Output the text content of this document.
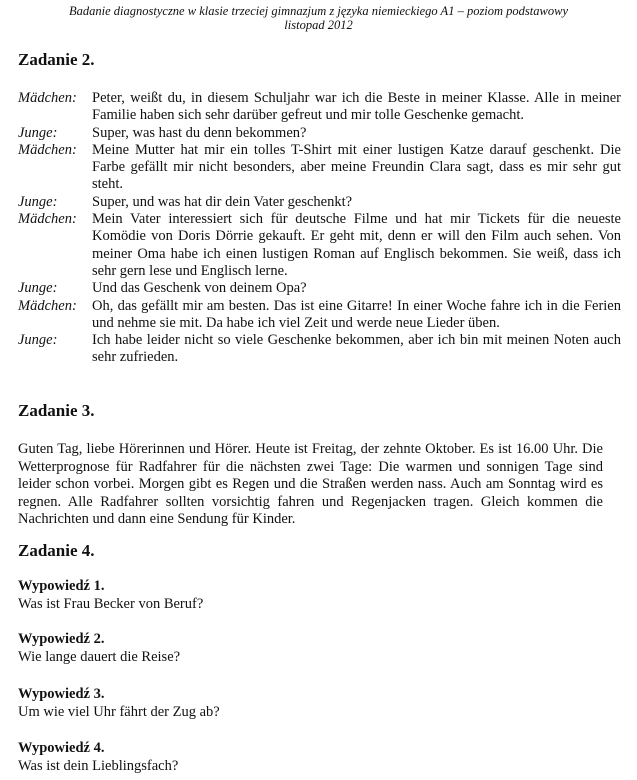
Badanie diagnostyczne w klasie trzeciej gimnazjum z języka niemieckiego A1 – poziom podstawowy
listopad 2012
Zadanie 2.
Mädchen:	Peter, weißt du, in diesem Schuljahr war ich die Beste in meiner Klasse. Alle in meiner Familie haben sich sehr darüber gefreut und mir tolle Geschenke gemacht.
Junge:	Super, was hast du denn bekommen?
Mädchen:	Meine Mutter hat mir ein tolles T-Shirt mit einer lustigen Katze darauf geschenkt. Die Farbe gefällt mir nicht besonders, aber meine Freundin Clara sagt, dass es mir sehr gut steht.
Junge:	Super, und was hat dir dein Vater geschenkt?
Mädchen:	Mein Vater interessiert sich für deutsche Filme und hat mir Tickets für die neueste Komödie von Doris Dörrie gekauft. Er geht mit, denn er will den Film auch sehen. Von meiner Oma habe ich einen lustigen Roman auf Englisch bekommen. Sie weiß, dass ich sehr gern lese und Englisch lerne.
Junge:	Und das Geschenk von deinem Opa?
Mädchen:	Oh, das gefällt mir am besten. Das ist eine Gitarre! In einer Woche fahre ich in die Ferien und nehme sie mit. Da habe ich viel Zeit und werde neue Lieder üben.
Junge:	Ich habe leider nicht so viele Geschenke bekommen, aber ich bin mit meinen Noten auch sehr zufrieden.
Zadanie 3.
Guten Tag, liebe Hörerinnen und Hörer. Heute ist Freitag, der zehnte Oktober. Es ist 16.00 Uhr. Die Wetterprognose für Radfahrer für die nächsten zwei Tage: Die warmen und sonnigen Tage sind leider schon vorbei. Morgen gibt es Regen und die Straßen werden nass. Auch am Sonntag wird es regnen. Alle Radfahrer sollten vorsichtig fahren und Regenjacken tragen. Gleich kommen die Nachrichten und dann eine Sendung für Kinder.
Zadanie 4.
Wypowiedź 1.
Was ist Frau Becker von Beruf?
Wypowiedź 2.
Wie lange dauert die Reise?
Wypowiedź 3.
Um wie viel Uhr fährt der Zug ab?
Wypowiedź 4.
Was ist dein Lieblingsfach?
